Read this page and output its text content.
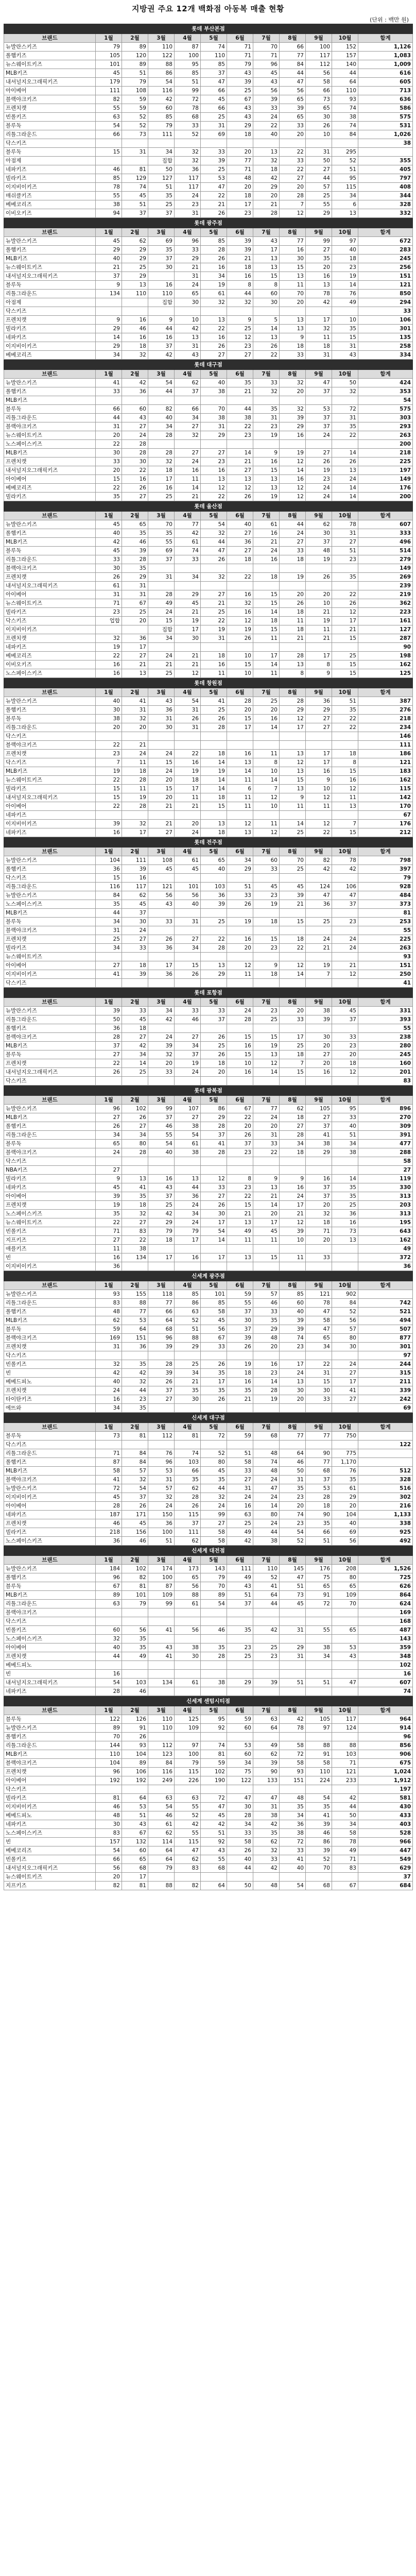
지방권 주요 12개 백화점 아동복 매출 현황
(단위 : 백만 원)
롯데 부산본점											
브랜드	1월	2월	3월	4월	5월	6월	7월	8월	9월	10월	합계
뉴발란스키즈	79	89	110	87	74	71	70	66	100	152	1,126
폴햄키즈	105	120	122	100	110	71	71	77	117	157	1,083
뉴스웨이트키즈	101	89	88	95	85	79	96	84	112	140	1,009
MLB키즈	45	51	86	85	37	43	45	44	56	44	616
내셔널지오그래픽키즈	179	79	54	51	47	39	43	47	58	64	605
아이베어	111	108	116	99	66	25	56	56	66	110	713
블랙야크키즈	82	59	42	72	45	67	39	65	73	93	636
프렌치캣	55	59	60	78	66	43	33	39	65	74	586
빈폴키즈	63	52	85	68	25	43	24	65	30	38	575
블루독	54	52	79	33	31	29	22	33	26	74	531
리틀그라운드	66	73	111	52	69	18	40	20	10	84	1,026
닥스키즈											38
블루독	15	31	34	32	33	20	13	22	31	295	
아점제			집합	32	39	77	32	33	50	52	355
네파키즈	46	81	50	36	25	71	18	22	27	51	405
빌라키즈	85	129	127	117	53	48	42	27	44	95	797
이지비이키즈	78	74	51	117	47	20	29	20	57	115	408
매쉬클키즈	55	45	35	24	22	18	20	28	25	34	344
베베코리즈	38	51	25	23	21	17	21	7	55	6	328
이비오키즈	94	37	37	31	26	23	28	12	29	13	332
롯데 광주점											
브랜드	1월	2월	3월	4월	5월	6월	7월	8월	9월	10월	합계
뉴발란스키즈	45	62	69	96	85	39	43	77	99	97	672
폴햄키즈	29	29	35	33	28	39	17	16	27	40	283
MLB키즈	40	29	37	29	26	21	13	30	35	18	245
뉴스웨이트키즈	21	25	30	21	16	18	13	15	20	23	256
내셔널지오그래픽키즈	37	29		31	34	16	15	13	16	19	151
블루독	9	13	16	24	19	8	8	11	13	14	121
리틀그라운드	134	110	110	65	61	44	60	70	78	76	850
아점제			집합	30	32	32	30	20	42	49	294
닥스키즈											33
프렌치캣	9	16	9	10	13	9	5	13	17	10	106
빌라키즈	29	46	44	42	22	25	14	13	32	35	301
네파키즈	14	16	16	13	16	12	13	9	11	15	135
이지비이키즈	29	18	37	31	26	23	26	18	18	31	258
베베코리즈	34	32	42	43	27	27	22	33	31	43	334
롯데 대구점											
브랜드	1월	2월	3월	4월	5월	6월	7월	8월	9월	10월	합계
뉴발란스키즈	41	42	54	62	40	35	33	32	47	50	424
폴햄키즈	33	36	44	37	38	21	32	20	37	32	353
MLB키즈											54
블루독	66	60	82	66	70	44	35	32	53	72	575
리틀그라운드	44	43	40	34	38	38	31	39	37	31	303
블랙야크키즈	31	27	34	27	31	22	23	29	37	35	293
뉴스웨이트키즈	20	24	28	32	29	23	19	16	24	22	263
노스페이스키즈	22	28									200
MLB키즈	30	28	28	27	27	14	9	19	27	14	218
프렌치캣	33	30	32	24	23	21	16	12	26	26	225
내셔널지오그래픽키즈	20	22	18	16	16	27	15	14	19	13	197
아이베어	15	16	17	11	13	13	13	16	23	24	149
베베코리즈	22	26	16	14	12	12	13	12	24	14	176
빌라키즈	35	27	25	21	22	26	19	12	24	14	200
롯데 울산점											
브랜드	1월	2월	3월	4월	5월	6월	7월	8월	9월	10월	합계
뉴발란스키즈	45	65	70	77	54	40	61	44	62	78	607
폴햄키즈	40	35	35	42	32	27	16	24	30	31	333
MLB키즈	42	46	55	61	44	36	21	27	37	27	496
블루독	45	39	69	74	47	27	24	33	48	51	514
리틀그라운드	33	28	37	33	26	18	16	18	19	23	279
블랙야크키즈	30	35									149
프렌치캣	26	29	31	34	32	22	18	19	26	35	269
내셔널지오그래픽키즈	61	31									239
아이베어	31	31	28	29	27	16	15	20	20	22	219
뉴스웨이트키즈	71	67	49	45	21	32	15	26	10	26	362
빌라키즈	23	25	24	21	25	16	14	18	21	12	223
닥스키즈	업합	20	15	19	22	12	18	11	19	17	161
이지비이키즈			집합	17	19	19	15	18	11	21	127
프렌치캣	32	36	34	30	31	26	11	21	21	15	287
네파키즈	19	17									90
베베코리즈	22	27	24	21	18	10	17	28	17	25	198
이비오키즈	16	21	21	21	16	15	14	13	8	15	162
노스페이스키즈	16	13	25	12	11	10	11	8	9	15	125
롯데 창원점											
브랜드	1월	2월	3월	4월	5월	6월	7월	8월	9월	10월	합계
뉴발란스키즈	40	41	43	54	41	28	25	28	36	51	387
폴햄키즈	30	31	36	31	25	20	20	29	29	35	276
블루독	38	32	31	26	26	15	16	12	27	22	218
리틀그라운드	20	20	30	31	28	17	14	17	27	22	234
닥스키즈											146
블랙야크키즈	22	21									111
프렌치캣	23	24	24	22	18	16	11	13	17	18	186
닥스키즈	7	11	15	16	14	13	8	12	17	8	121
MLB키즈	19	18	24	19	19	14	10	13	16	15	183
뉴스웨이트키즈	22	28	20	18	14	11	14	15	9	16	162
빌라키즈	15	11	15	17	14	6	7	13	10	12	115
내셔널지오그래픽키즈	15	19	20	11	18	11	12	9	12	11	142
아이베어	22	28	21	21	15	11	10	11	11	13	170
네파키즈											67
이지비이키즈	39	32	21	20	13	12	11	14	12	7	176
네파키즈	16	17	27	24	18	13	12	25	22	15	212
롯데 전주점											
브랜드	1월	2월	3월	4월	5월	6월	7월	8월	9월	10월	합계
뉴발란스키즈	104	111	108	61	65	34	60	70	82	78	798
폴햄키즈	36	39	45	45	40	29	33	25	42	42	397
닥스키즈	15	16									79
리틀그라운드	116	117	121	101	103	51	45	45	124	106	928
뉴발란스키즈	84	62	56	56	36	33	23	39	47	47	484
노스페이스키즈	35	45	43	40	39	26	19	21	36	37	373
MLB키즈	44	37									81
블루독	34	30	33	31	25	19	18	15	25	23	253
블랙야크키즈	31	24									55
프렌치캣	25	27	26	27	22	16	15	18	24	24	225
빌라키즈	34	33	36	34	28	20	23	22	21	24	263
뉴스웨이트키즈											93
아이베어	27	18	17	15	13	12	9	12	19	21	151
이지비이키즈	41	39	36	26	29	11	18	14	7	12	250
닥스키즈											41
롯데 포항점											
브랜드	1월	2월	3월	4월	5월	6월	7월	8월	9월	10월	합계
뉴발란스키즈	39	33	34	33	33	24	23	20	38	45	331
리틀그라운드	50	45	42	46	37	28	25	33	39	37	393
폴햄키즈	36	18									55
블랙야크키즈	28	27	24	27	26	15	15	17	30	33	238
MLB키즈	37	42	39	34	25	16	19	25	20	23	280
블루독	27	34	32	37	26	15	13	18	27	20	245
프렌치캣	22	14	20	19	18	10	12	7	20	18	160
내셔널지오그래픽키즈	26	25	33	24	20	16	14	15	16	12	201
닥스키즈											83
롯데 광복점											
브랜드	1월	2월	3월	4월	5월	6월	7월	8월	9월	10월	합계
뉴발란스키즈	96	102	99	107	86	67	77	62	105	95	896
MLB키즈	27	26	37	27	29	22	24	18	27	33	270
폴햄키즈	26	27	46	38	28	20	20	27	37	40	309
리틀그라운드	34	34	55	54	37	26	31	28	41	51	391
블루독	65	80	54	61	41	37	33	34	38	34	477
블랙야크키즈	24	28	40	38	28	23	22	18	29	38	288
닥스키즈											58
NBA키즈	27										27
빌라키즈	9	13	16	13	12	8	9	9	16	14	119
네파키즈	45	41	43	44	33	23	13	16	37	35	330
아이베어	39	35	37	36	27	22	21	24	37	35	313
프렌치캣	19	18	25	24	26	15	14	17	20	25	203
노스페이스키즈	35	32	42	34	30	21	20	21	32	36	313
뉴스웨이트키즈	22	27	29	24	17	13	17	12	18	16	195
빈폴키즈	71	83	79	79	54	49	45	39	71	73	643
지프키즈	27	22	18	17	14	11	11	10	20	13	162
애플키즈	11	38									49
빈	16	134	17	16	17	13	15	11	33		372
이지비이키즈	36										36
신세계 광주점											
브랜드	1월	2월	3월	4월	5월	6월	7월	8월	9월	10월	합계
뉴발란스키즈	93	155	118	85	101	59	57	85	121	902	
리틀그라운드	83	88	77	86	85	55	46	60	78	84	742
폴햄키즈	48	77	66	63	58	37	33	40	47	52	521
MLB키즈	62	53	64	52	45	30	35	39	58	56	494
블루독	59	64	68	51	56	37	29	39	47	57	507
블랙야크키즈	169	151	96	88	67	39	48	74	65	80	877
프렌치캣	31	36	39	29	33	26	20	23	34	30	301
닥스키즈											97
빈폴키즈	32	35	28	25	26	19	16	17	22	24	244
빈	42	42	39	34	35	18	23	24	31	27	315
베베드피노	40	32	26	21	17	16	14	13	15	17	211
프렌치캣	24	44	37	35	35	35	28	30	30	41	339
타이탄키즈	16	23	27	30	26	21	19	20	33	27	242
에뜨와	34	35									69
신세계 대구점											
브랜드	1월	2월	3월	4월	5월	6월	7월	8월	9월	10월	합계
블루독	73	81	112	81	72	59	68	77	77	750	
닥스키즈											122
리틀그라운드	71	84	76	74	52	51	48	64	90	775	
폴햄키즈	87	84	96	103	80	58	74	46	77	1,170	
MLB키즈	58	57	53	66	45	33	48	50	68	76	512
블랙야크키즈	41	32	31	35	35	27	24	31	37	35	328
뉴발란스키즈	72	54	57	62	44	31	47	35	53	61	516
이지비이키즈	45	37	32	28	32	24	24	23	28	29	302
아이베어	28	26	24	26	24	16	14	20	18	20	216
네파키즈	187	171	150	115	99	63	80	74	90	104	1,133
프렌치캣	46	45	36	37	27	25	24	23	35	40	338
빌라키즈	218	156	100	111	58	49	44	54	66	69	925
노스페이스키즈	36	46	51	62	58	42	38	52	51	56	492
신세계 대전점											
브랜드	1월	2월	3월	4월	5월	6월	7월	8월	9월	10월	합계
뉴발란스키즈	184	102	174	173	143	111	110	145	176	208	1,526
폴햄키즈	96	82	100	65	79	49	52	47	75	80	725
블루독	67	81	87	56	70	43	41	51	65	65	626
MLB키즈	89	101	109	88	89	51	64	73	91	109	864
리틀그라운드	63	79	99	61	54	37	44	45	72	70	624
블랙야크키즈											169
닥스키즈											168
빈폴키즈	60	56	41	56	46	35	42	31	55	65	487
노스페이스키즈	32	35									143
아이베어	40	35	43	38	35	23	25	29	38	53	359
프렌치캣	44	49	41	30	28	25	23	31	34	43	348
베베드피노											102
빈	16										16
내셔널지오그래픽키즈	54	103	134	61	38	29	39	51	51	47	607
네파키즈	28	46									74
신세계 센텀시티점											
브랜드	1월	2월	3월	4월	5월	6월	7월	8월	9월	10월	합계
블루독	122	126	110	125	95	59	63	42	105	117	964
뉴발란스키즈	89	91	110	109	92	60	64	78	97	124	914
폴햄키즈	70	26									96
리틀그라운드	144	93	112	97	74	53	49	58	88	88	856
MLB키즈	110	104	123	100	81	60	62	72	91	103	906
블랙야크키즈	104	89	84	79	59	34	39	58	58	71	675
프렌치캣	96	106	116	115	102	75	90	93	110	121	1,024
아이베어	192	192	249	226	190	122	133	151	224	233	1,912
닥스키즈											197
빌라키즈	81	64	63	63	72	47	47	48	54	42	581
이지비이키즈	46	53	54	55	47	30	31	35	35	44	430
베베드피노	48	51	46	52	45	28	38	34	41	50	433
네파키즈	30	43	61	42	42	34	42	36	39	34	403
노스페이스키즈	83	67	62	55	51	33	35	38	46	58	528
빈	157	132	114	115	92	58	62	72	86	78	966
베베코리즈	54	60	64	47	43	26	32	33	39	49	447
빈폴키즈	66	65	64	62	55	40	33	41	52	71	549
내셔널지오그래픽키즈	56	68	79	83	68	44	42	40	70	83	629
뉴스웨이트키즈	20	17									37
지프키즈	82	81	88	82	64	50	48	54	68	67	684
